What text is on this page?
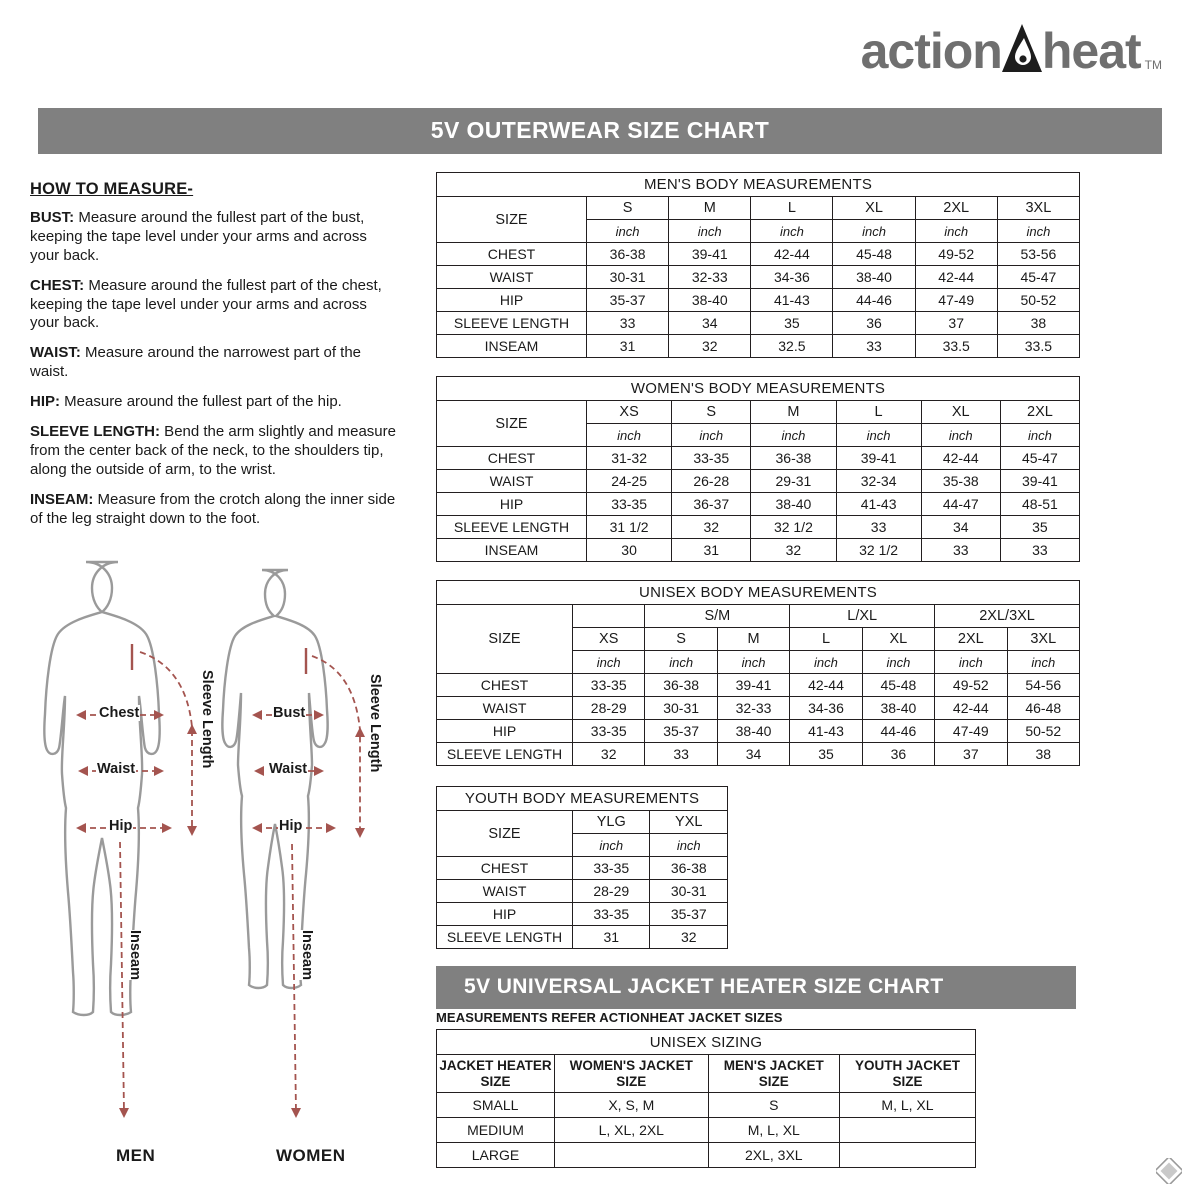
action heat TM
5V OUTERWEAR SIZE CHART
HOW TO MEASURE-

BUST: Measure around the fullest part of the bust, keeping the tape level under your arms and across your back.

CHEST: Measure around the fullest part of the chest, keeping the tape level under your arms and across your back.

WAIST: Measure around the narrowest part of the waist.

HIP: Measure around the fullest part of the hip.

SLEEVE LENGTH: Bend the arm slightly and measure from the center back of the neck, to the shoulders tip, along the outside of arm, to the wrist.

INSEAM: Measure from the crotch along the inner side of the leg straight down to the foot.

Chest
Waist
Hip
Sleeve Length
Inseam
Bust
Waist
Hip
Sleeve Length
Inseam
MEN	WOMEN
MEN'S BODY MEASUREMENTS						
SIZE	S	M	L	XL	2XL	3XL
	inch	inch	inch	inch	inch	inch
CHEST	36-38	39-41	42-44	45-48	49-52	53-56
WAIST	30-31	32-33	34-36	38-40	42-44	45-47
HIP	35-37	38-40	41-43	44-46	47-49	50-52
SLEEVE LENGTH	33	34	35	36	37	38
INSEAM	31	32	32.5	33	33.5	33.5
WOMEN'S BODY MEASUREMENTS						
SIZE	XS	S	M	L	XL	2XL
	inch	inch	inch	inch	inch	inch
CHEST	31-32	33-35	36-38	39-41	42-44	45-47
WAIST	24-25	26-28	29-31	32-34	35-38	39-41
HIP	33-35	36-37	38-40	41-43	44-47	48-51
SLEEVE LENGTH	31 1/2	32	32 1/2	33	34	35
INSEAM	30	31	32	32 1/2	33	33
UNISEX BODY MEASUREMENTS							
SIZE		S/M		L/XL		2XL/3XL	
	XS	S	M	L	XL	2XL	3XL
	inch	inch	inch	inch	inch	inch	inch
CHEST	33-35	36-38	39-41	42-44	45-48	49-52	54-56
WAIST	28-29	30-31	32-33	34-36	38-40	42-44	46-48
HIP	33-35	35-37	38-40	41-43	44-46	47-49	50-52
SLEEVE LENGTH	32	33	34	35	36	37	38
YOUTH BODY MEASUREMENTS		
SIZE	YLG	YXL
	inch	inch
CHEST	33-35	36-38
WAIST	28-29	30-31
HIP	33-35	35-37
SLEEVE LENGTH	31	32
5V UNIVERSAL JACKET HEATER SIZE CHART
MEASUREMENTS REFER ACTIONHEAT JACKET SIZES
UNISEX SIZING			
JACKET HEATER SIZE	WOMEN'S JACKET SIZE	MEN'S JACKET SIZE	YOUTH JACKET SIZE
SMALL	X, S, M	S	M, L, XL
MEDIUM	L, XL, 2XL	M, L, XL	
LARGE		2XL, 3XL	
